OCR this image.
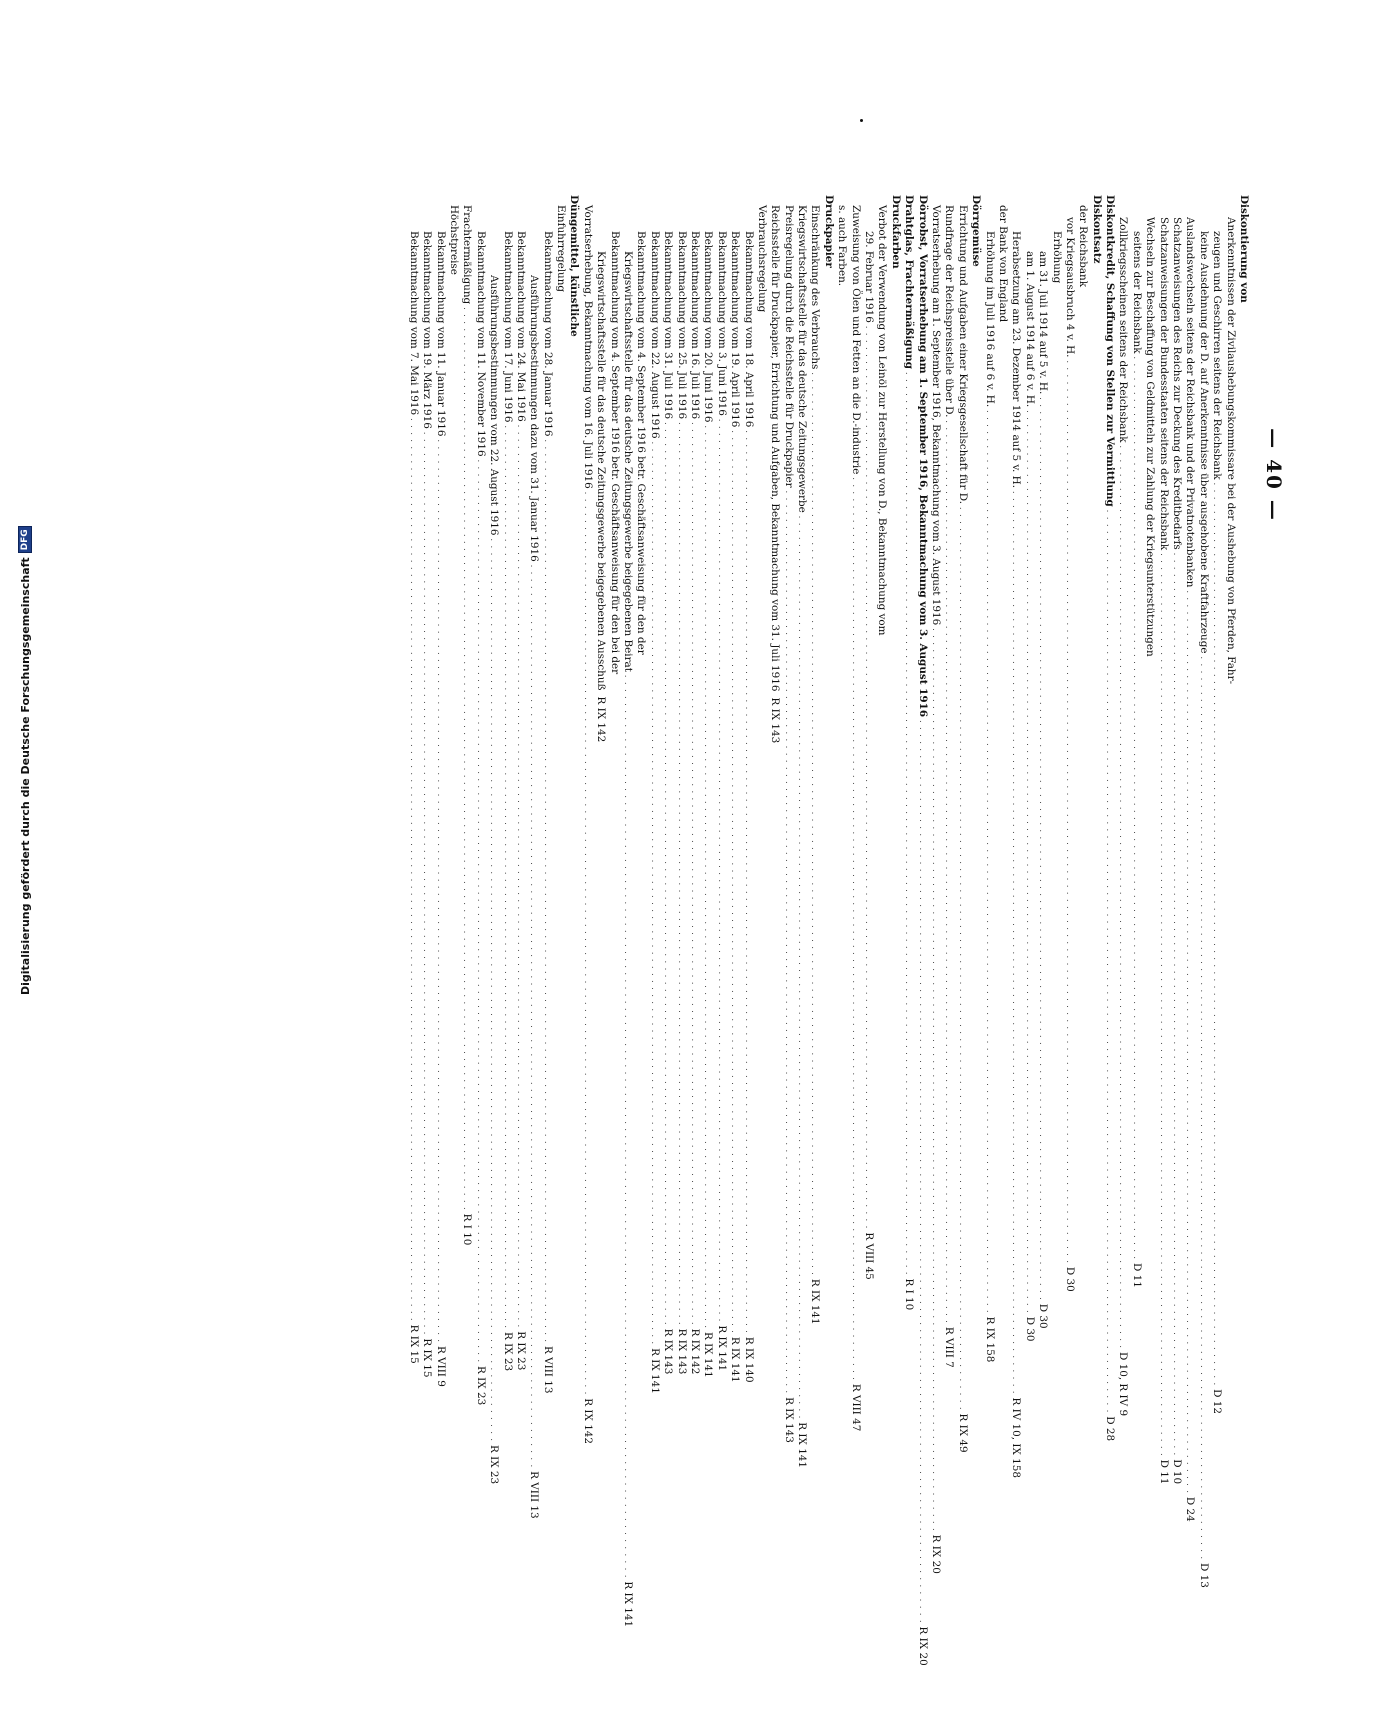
— 40 —
Diskontierung von
Anerkenntnissen der Zivilaushebungskommissare bei der Aushebung von Pferden, Fahr-
zeugen und Geschirren seitens der Reichsbank
. . .
D 12
keine Ausdehnung der D. auf Anerkenntnisse über ausgehobene Kraftfahrzeuge
. . .
D 13
Auslandswechseln seitens der Reichsbank und der Privatnotenbanken
. . .
D 24
Schatzanweisungen des Reichs zur Deckung des Kreditbedarfs
. . .
D 10
Schatzanweisungen der Bundesstaaten seitens der Reichsbank
. . .
D 11
Wechseln zur Beschaffung von Geldmitteln zur Zahlung der Kriegsunterstützungen
seitens der Reichsbank
. . .
D 11
Zollkriegsscheinen seitens der Reichsbank
. . .
D 10, R IV 9
Diskontkredit, Schaffung von Stellen zur Vermittlung
. . .
D 28
Diskontsatz
der Reichsbank
vor Kriegsausbruch 4 v. H.
. . .
D 30
Erhöhung
am 31. Juli 1914 auf 5 v. H.
. . .
D 30
am 1. August 1914 auf 6 v. H.
. . .
D 30
Herabsetzung am 23. Dezember 1914 auf 5 v. H.
. . .
R IV 10, IX 158
der Bank von England
Erhöhung im Juli 1916 auf 6 v. H.
. . .
R IX 158
Dörrgemüse
Errichtung und Aufgaben einer Kriegsgesellschaft für D.
. . .
R IX 49
Rundfrage der Reichspreisstelle über D.
. . .
R VIII 7
Vorratserhebung am 1. September 1916, Bekanntmachung vom 3. August 1916
. . .
R IX 20
Dörrobst, Vorratserhebung am 1. September 1916, Bekanntmachung vom 3. August 1916
. . .
R IX 20
Drahtglas, Frachtermäßigung
. . .
R I 10
Druckfarben
Verbot der Verwendung von Leinöl zur Herstellung von D., Bekanntmachung vom
29. Februar 1916
. . .
R VIII 45
Zuweisung von Ölen und Fetten an die D.-industrie
. . .
R VIII 47
s. auch Farben.
Druckpapier
Einschränkung des Verbrauchs
. . .
R IX 141
Kriegswirtschaftsstelle für das deutsche Zeitungsgewerbe
. . .
R IX 141
Preisregelung durch die Reichsstelle für Druckpapier
. . .
R IX 143
Reichsstelle für Druckpapier, Errichtung und Aufgaben, Bekanntmachung vom 31. Juli 1916
R IX 143
Verbrauchsregelung
Bekanntmachung vom 18. April 1916
. . .
R IX 140
Bekanntmachung vom 19. April 1916
. . .
R IX 141
Bekanntmachung vom 3. Juni 1916
. . .
R IX 141
Bekanntmachung vom 20. Juni 1916
. . .
R IX 141
Bekanntmachung vom 16. Juli 1916
. . .
R IX 142
Bekanntmachung vom 25. Juli 1916
. . .
R IX 143
Bekanntmachung vom 31. Juli 1916
. . .
R IX 143
Bekanntmachung vom 22. August 1916
. . .
R IX 141
Bekanntmachung vom 4. September 1916 betr. Geschäftsanweisung für den der
Kriegswirtschaftsstelle für das deutsche Zeitungsgewerbe beigegebenen Beirat
. . .
R IX 141
Bekanntmachung vom 4. September 1916 betr. Geschäftsanweisung für den bei der
Kriegswirtschaftsstelle für das deutsche Zeitungsgewerbe beigegebenen Ausschuß
R IX 142
Vorratserhebung, Bekanntmachung vom 16. Juli 1916
. . .
R IX 142
Düngemittel, künstliche
Einfuhrregelung
Bekanntmachung vom 28. Januar 1916
. . .
R VIII 13
Ausführungsbestimmungen dazu vom 31. Januar 1916
. . .
R VIII 13
Bekanntmachung vom 24. Mai 1916
. . .
R IX 23
Bekanntmachung vom 17. Juni 1916
. . .
R IX 23
Ausführungsbestimmungen vom 22. August 1916
. . .
R IX 23
Bekanntmachung vom 11. November 1916
. . .
R IX 23
Frachtermäßigung
. . .
R I 10
Höchstpreise
Bekanntmachung vom 11. Januar 1916
. . .
R VIII 9
Bekanntmachung vom 19. März 1916
. . .
R IX 15
Bekanntmachung vom 7. Mai 1916
. . .
R IX 15
Digitalisierung gefördert durch die Deutsche Forschungsgemeinschaft
DFG
